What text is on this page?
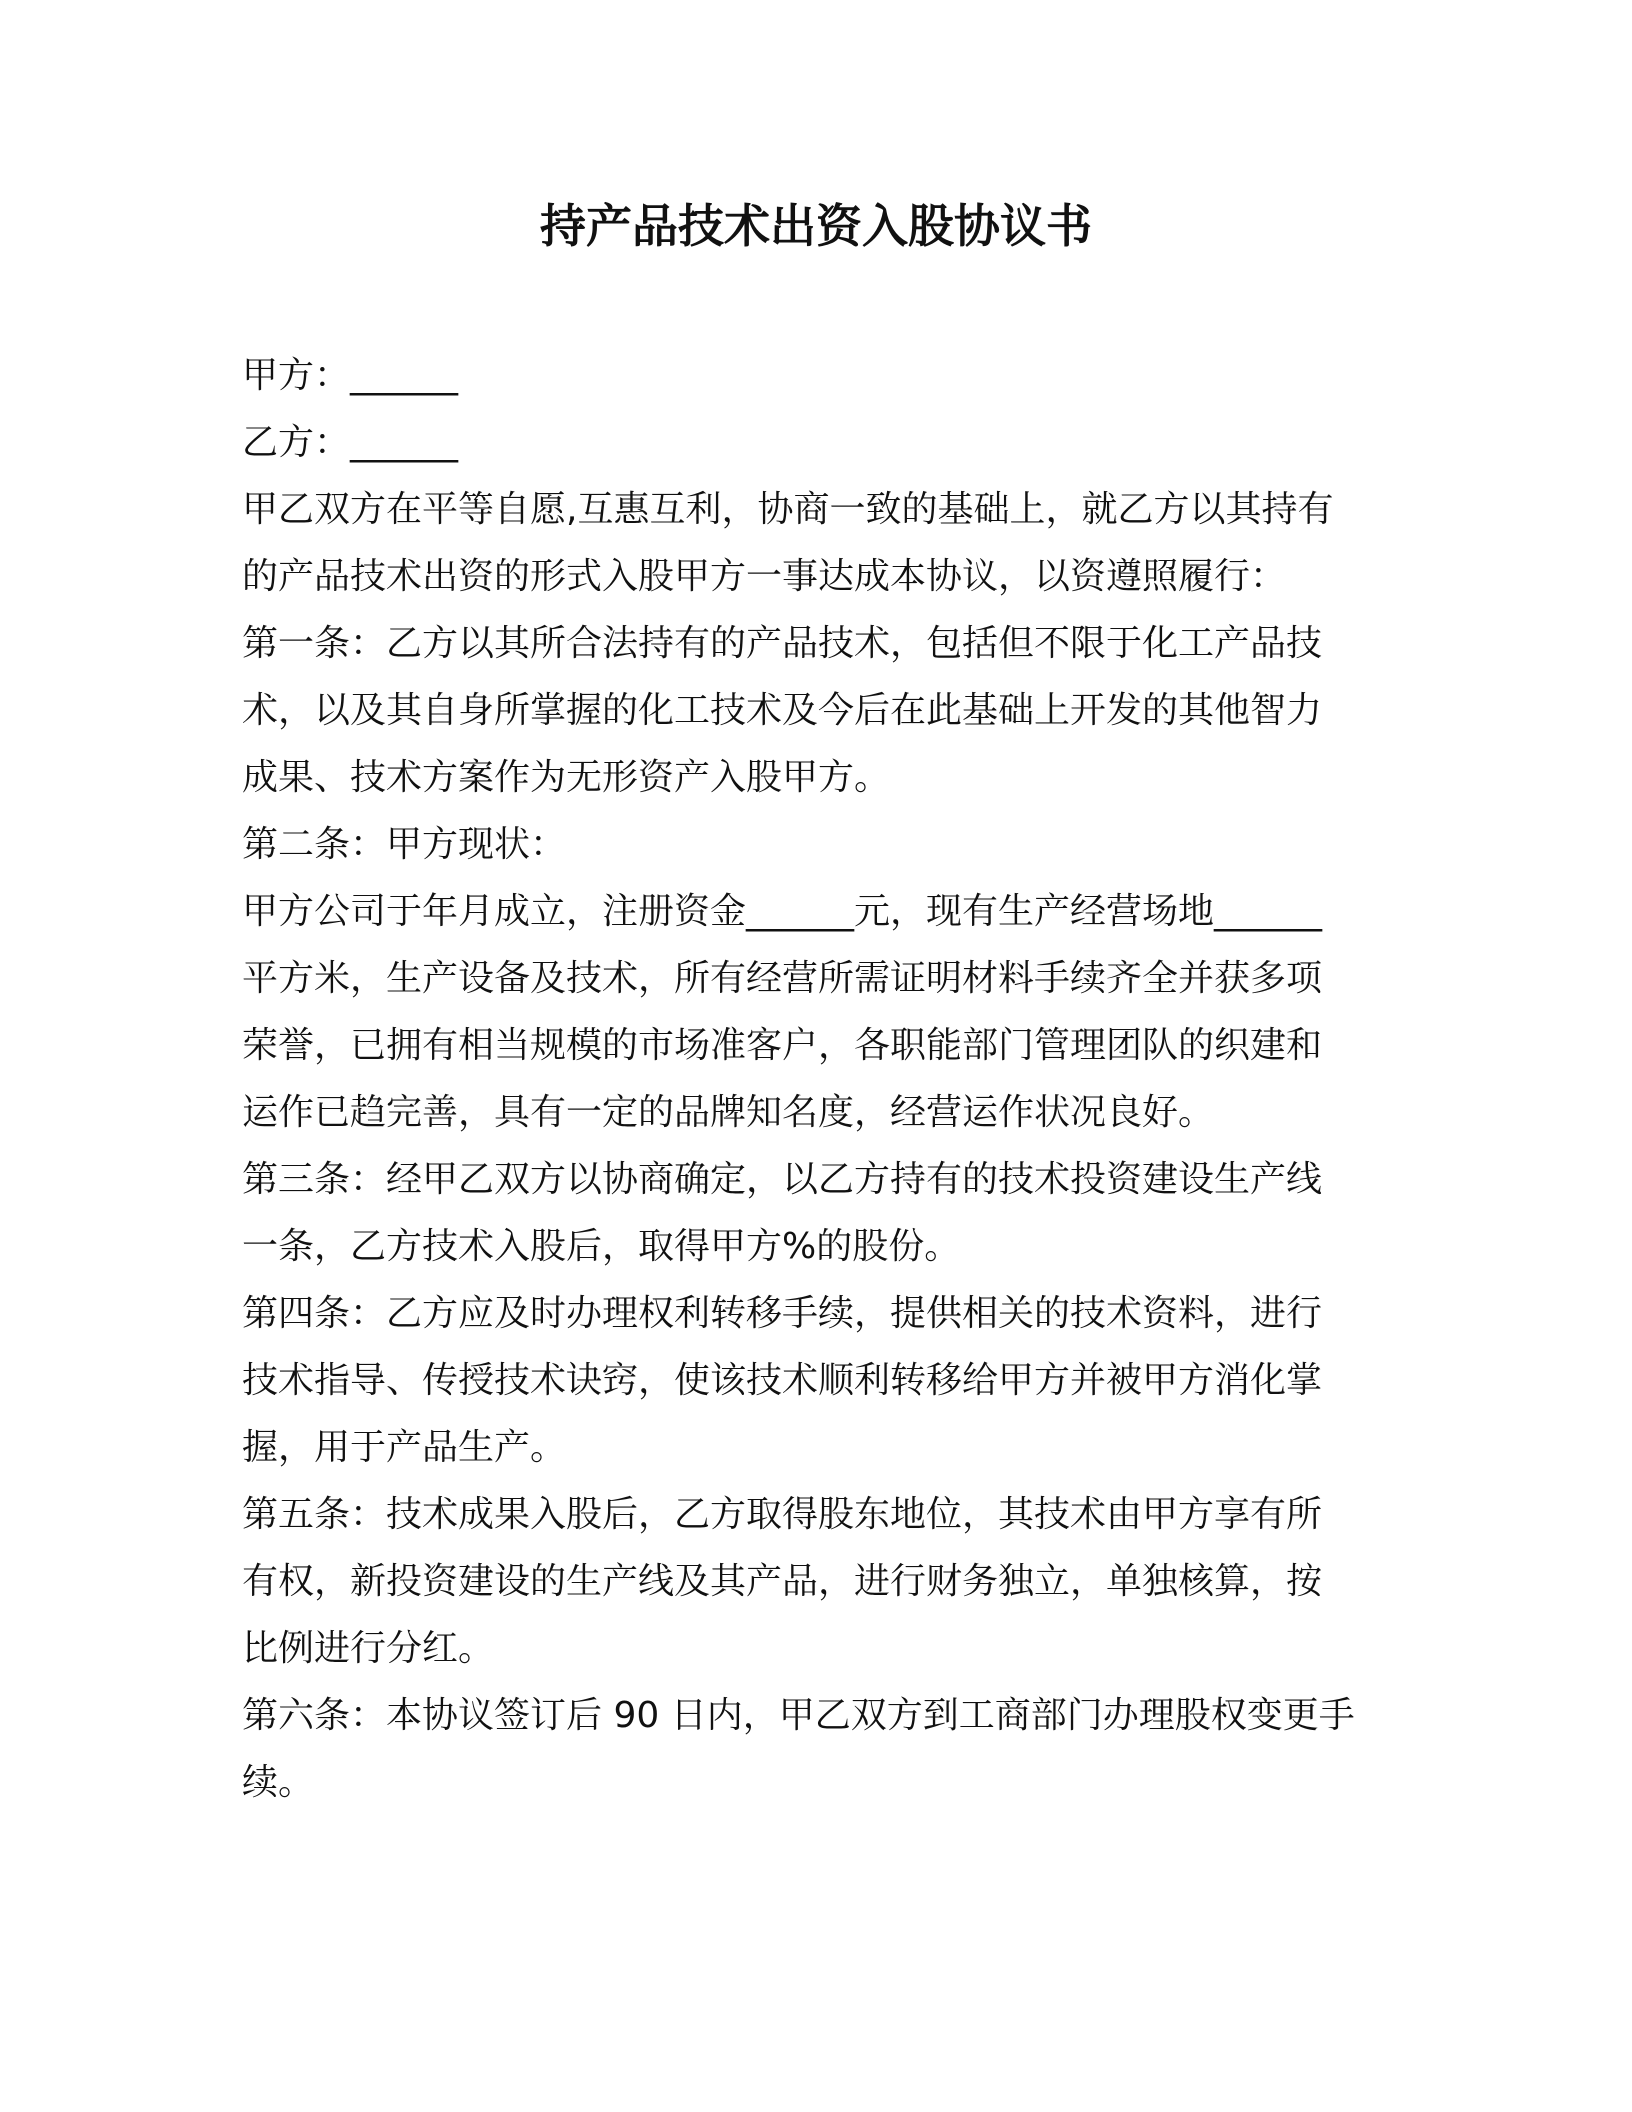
持产品技术出资入股协议书
甲方：______
乙方：______
甲乙双方在平等自愿,互惠互利，协商一致的基础上，就乙方以其持有
的产品技术出资的形式入股甲方一事达成本协议，以资遵照履行：
第一条：乙方以其所合法持有的产品技术，包括但不限于化工产品技
术，以及其自身所掌握的化工技术及今后在此基础上开发的其他智力
成果、技术方案作为无形资产入股甲方。
第二条：甲方现状：
甲方公司于年月成立，注册资金______元，现有生产经营场地______
平方米，生产设备及技术，所有经营所需证明材料手续齐全并获多项
荣誉，已拥有相当规模的市场准客户，各职能部门管理团队的织建和
运作已趋完善，具有一定的品牌知名度，经营运作状况良好。
第三条：经甲乙双方以协商确定，以乙方持有的技术投资建设生产线
一条，乙方技术入股后，取得甲方%的股份。
第四条：乙方应及时办理权利转移手续，提供相关的技术资料，进行
技术指导、传授技术诀窍，使该技术顺利转移给甲方并被甲方消化掌
握，用于产品生产。
第五条：技术成果入股后，乙方取得股东地位，其技术由甲方享有所
有权，新投资建设的生产线及其产品，进行财务独立，单独核算，按
比例进行分红。
第六条：本协议签订后 90 日内，甲乙双方到工商部门办理股权变更手
续。
